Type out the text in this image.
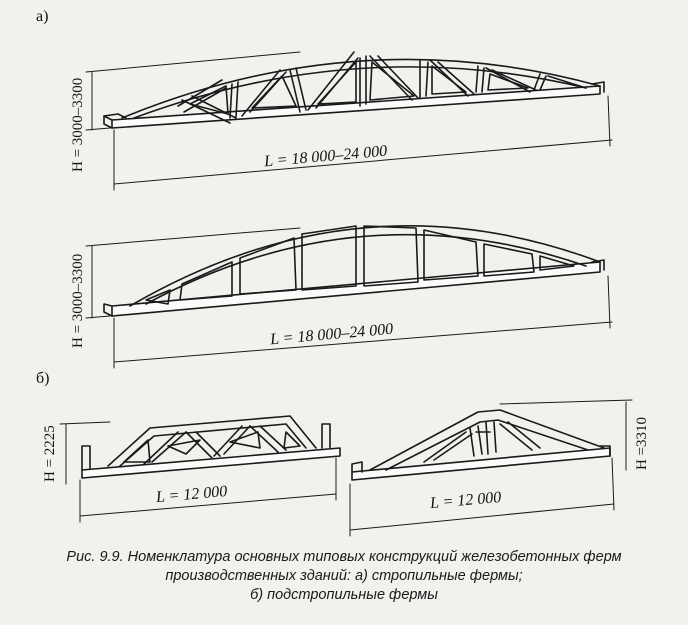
а)
б)
H = 3000–3300	L = 18 000–24 000
H = 3000–3300	L = 18 000–24 000
H = 2225
L = 12 000
H =3310
L = 12 000
Рис. 9.9. Номенклатура основных типовых конструкций железобетонных ферм
производственных зданий: а) стропильные фермы;
б) подстропильные фермы
